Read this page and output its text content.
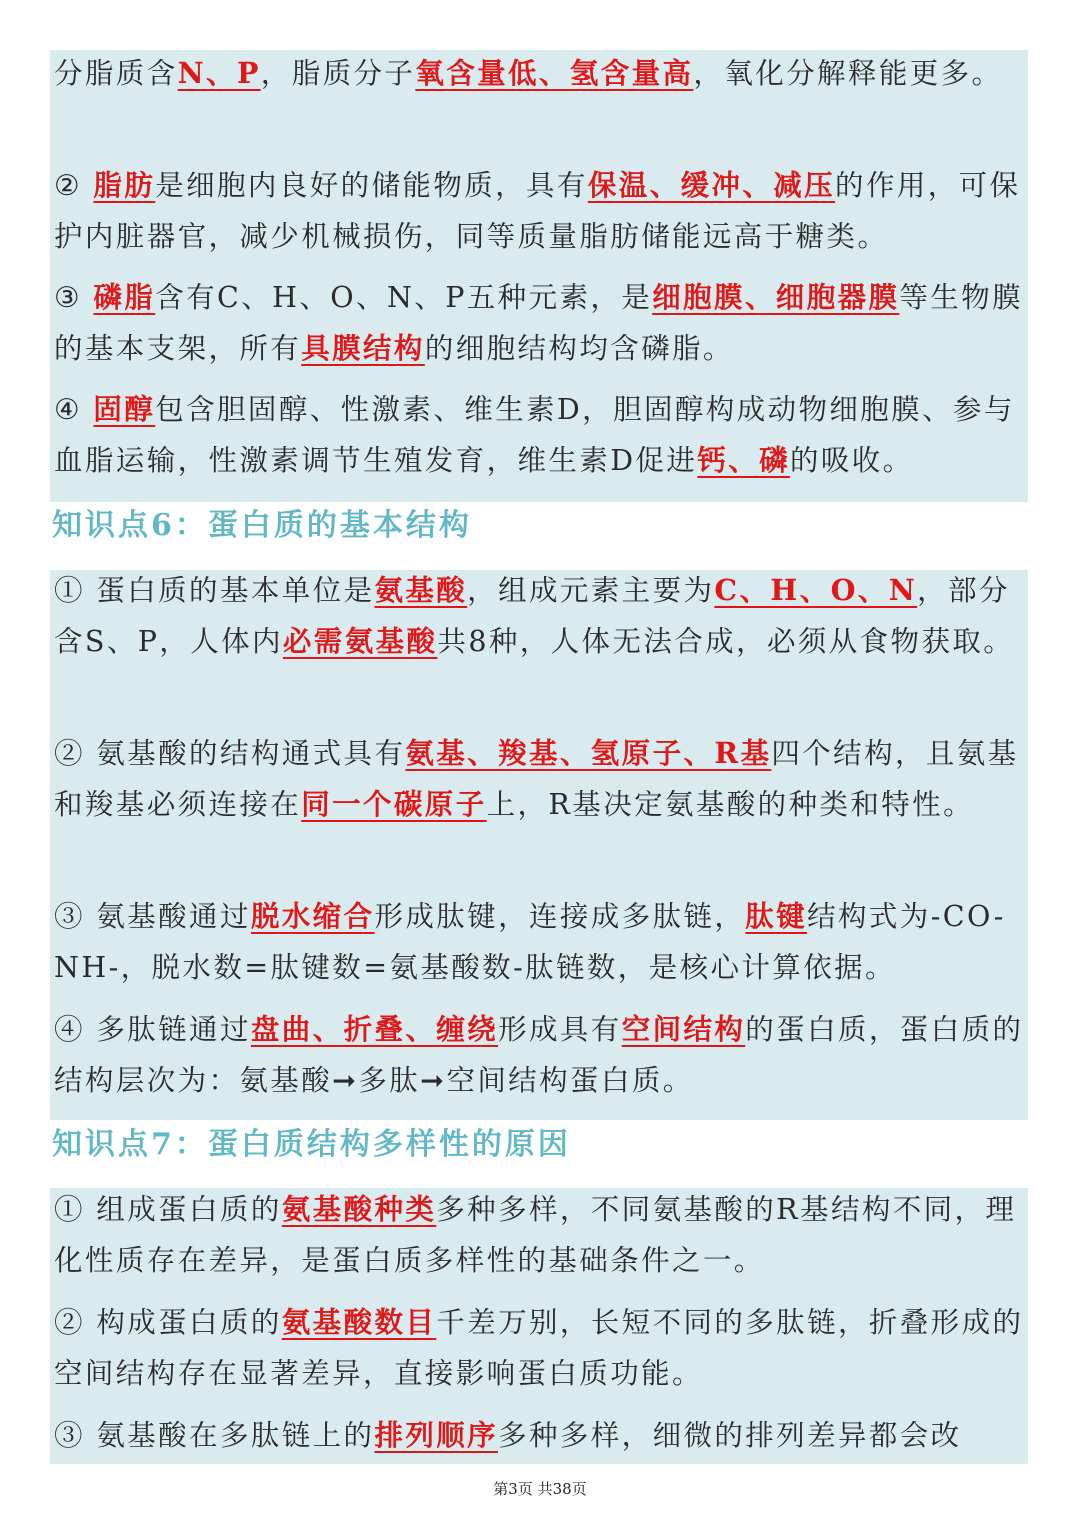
分脂质含N、P，脂质分子氧含量低、氢含量高，氧化分解释能更多。

② 脂肪是细胞内良好的储能物质，具有保温、缓冲、减压的作用，可保护内脏器官，减少机械损伤，同等质量脂肪储能远高于糖类。

③ 磷脂含有C、H、O、N、P五种元素，是细胞膜、细胞器膜等生物膜的基本支架，所有具膜结构的细胞结构均含磷脂。

④ 固醇包含胆固醇、性激素、维生素D，胆固醇构成动物细胞膜、参与血脂运输，性激素调节生殖发育，维生素D促进钙、磷的吸收。

知识点6：蛋白质的基本结构

① 蛋白质的基本单位是氨基酸，组成元素主要为C、H、O、N，部分含S、P，人体内必需氨基酸共8种，人体无法合成，必须从食物获取。

② 氨基酸的结构通式具有氨基、羧基、氢原子、R基四个结构，且氨基和羧基必须连接在同一个碳原子上，R基决定氨基酸的种类和特性。

③ 氨基酸通过脱水缩合形成肽键，连接成多肽链，肽键结构式为-CO-NH-，脱水数=肽键数=氨基酸数-肽链数，是核心计算依据。

④ 多肽链通过盘曲、折叠、缠绕形成具有空间结构的蛋白质，蛋白质的结构层次为：氨基酸➞多肽➞空间结构蛋白质。

知识点7：蛋白质结构多样性的原因

① 组成蛋白质的氨基酸种类多种多样，不同氨基酸的R基结构不同，理化性质存在差异，是蛋白质多样性的基础条件之一。

② 构成蛋白质的氨基酸数目千差万别，长短不同的多肽链，折叠形成的空间结构存在显著差异，直接影响蛋白质功能。

③ 氨基酸在多肽链上的排列顺序多种多样，细微的排列差异都会改

第3页 共38页
